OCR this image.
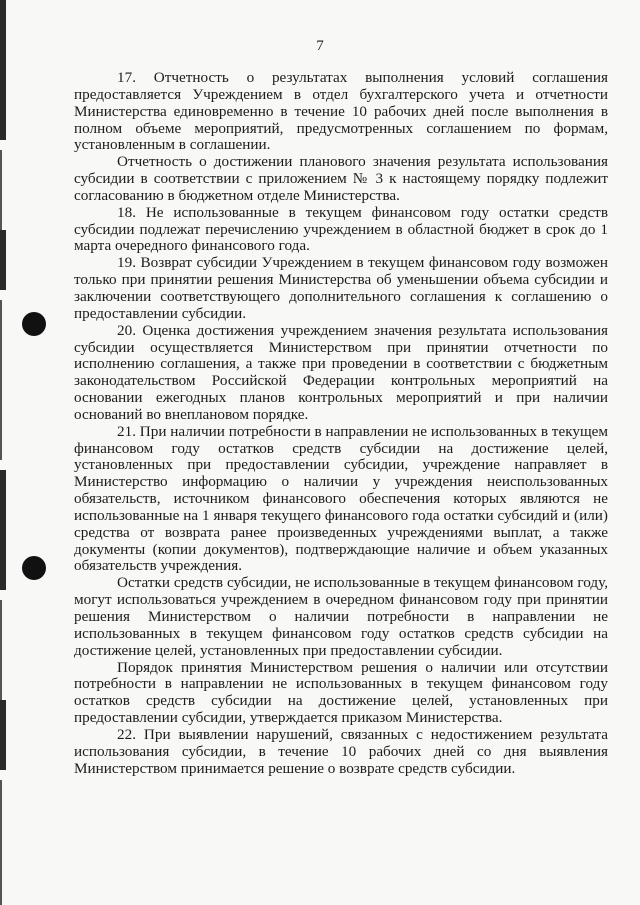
7

17. Отчетность о результатах выполнения условий соглашения предоставляется Учреждением в отдел бухгалтерского учета и отчетности Министерства единовременно в течение 10 рабочих дней после выполнения в полном объеме мероприятий, предусмотренных соглашением по формам, установленным в соглашении.

Отчетность о достижении планового значения результата использования субсидии в соответствии с приложением № 3 к настоящему порядку подлежит согласованию в бюджетном отделе Министерства.

18. Не использованные в текущем финансовом году остатки средств субсидии подлежат перечислению учреждением в областной бюджет в срок до 1 марта очередного финансового года.

19. Возврат субсидии Учреждением в текущем финансовом году возможен только при принятии решения Министерства об уменьшении объема субсидии и заключении соответствующего дополнительного соглашения к соглашению о предоставлении субсидии.

20. Оценка достижения учреждением значения результата использования субсидии осуществляется Министерством при принятии отчетности по исполнению соглашения, а также при проведении в соответствии с бюджетным законодательством Российской Федерации контрольных мероприятий на основании ежегодных планов контрольных мероприятий и при наличии оснований во внеплановом порядке.

21. При наличии потребности в направлении не использованных в текущем финансовом году остатков средств субсидии на достижение целей, установленных при предоставлении субсидии, учреждение направляет в Министерство информацию о наличии у учреждения неиспользованных обязательств, источником финансового обеспечения которых являются не использованные на 1 января текущего финансового года остатки субсидий и (или) средства от возврата ранее произведенных учреждениями выплат, а также документы (копии документов), подтверждающие наличие и объем указанных обязательств учреждения.

Остатки средств субсидии, не использованные в текущем финансовом году, могут использоваться учреждением в очередном финансовом году при принятии решения Министерством о наличии потребности в направлении не использованных в текущем финансовом году остатков средств субсидии на достижение целей, установленных при предоставлении субсидии.

Порядок принятия Министерством решения о наличии или отсутствии потребности в направлении не использованных в текущем финансовом году остатков средств субсидии на достижение целей, установленных при предоставлении субсидии, утверждается приказом Министерства.

22. При выявлении нарушений, связанных с недостижением результата использования субсидии, в течение 10 рабочих дней со дня выявления Министерством принимается решение о возврате средств субсидии.
